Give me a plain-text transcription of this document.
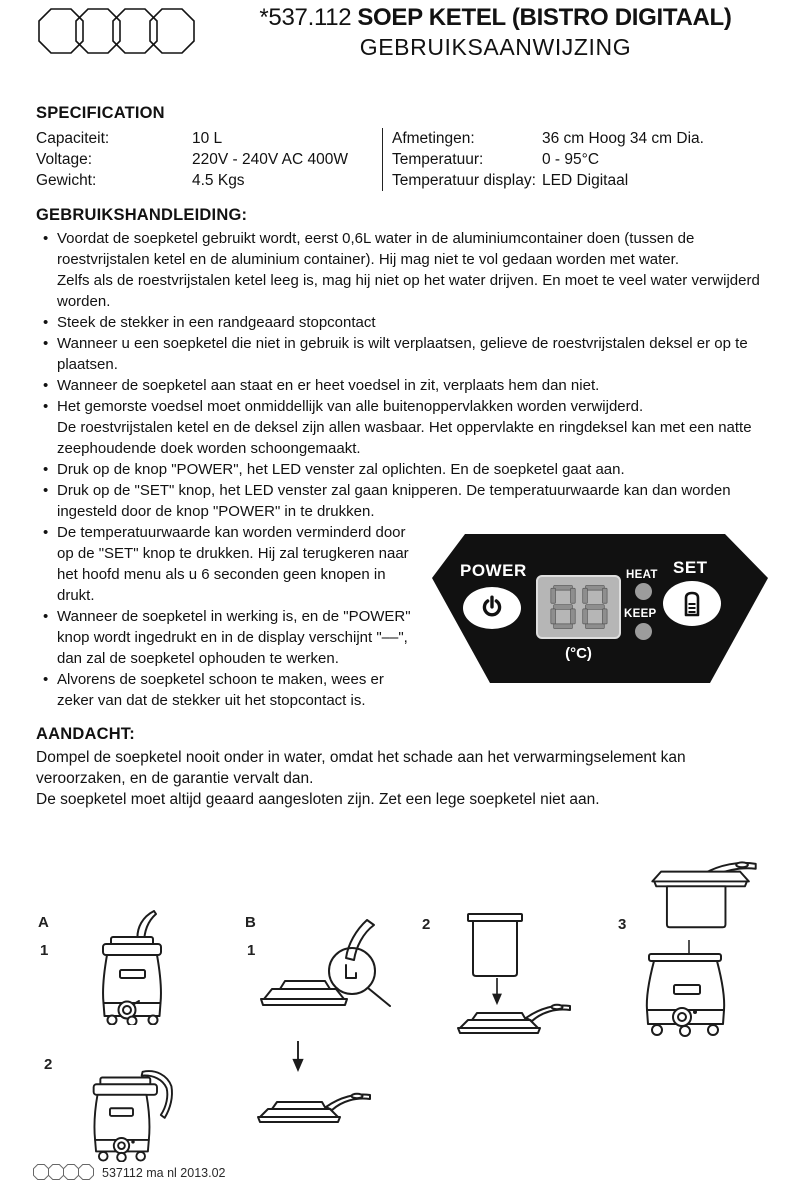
*537.112 SOEP KETEL (BISTRO DIGITAAL)
GEBRUIKSAANWIJZING
SPECIFICATION
Capaciteit:	10 L
Voltage:	220V - 240V AC 400W
Gewicht:	4.5 Kgs
Afmetingen:	36 cm Hoog 34 cm Dia.
Temperatuur:	0 - 95°C
Temperatuur display: LED Digitaal
GEBRUIKSHANDLEIDING:
• Voordat de soepketel gebruikt wordt, eerst 0,6L water in de aluminiumcontainer doen (tussen de roestvrijstalen ketel en de aluminium container). Hij mag niet te vol gedaan worden met water.
Zelfs als de roestvrijstalen ketel leeg is, mag hij niet op het water drijven. En moet te veel water verwijderd worden.
• Steek de stekker in een randgeaard stopcontact
• Wanneer u een soepketel die niet in gebruik is wilt verplaatsen, gelieve de roestvrijstalen deksel er op te plaatsen.
• Wanneer de soepketel aan staat en er heet voedsel in zit, verplaats hem dan niet.
• Het gemorste voedsel moet onmiddellijk van alle buitenoppervlakken worden verwijderd.
De roestvrijstalen ketel en de deksel zijn allen wasbaar. Het oppervlakte en ringdeksel kan met een natte zeephoudende doek worden schoongemaakt.
• Druk op de knop "POWER", het LED venster zal oplichten. En de soepketel gaat aan.
• Druk op de "SET" knop, het LED venster zal gaan knipperen. De temperatuurwaarde kan dan worden ingesteld door de knop "POWER" in te drukken.
POWER
(°C)
HEAT
KEEP
SET
• De temperatuurwaarde kan worden verminderd door op de "SET" knop te drukken. Hij zal terugkeren naar het hoofd menu als u 6 seconden geen knopen in drukt.
• Wanneer de soepketel in werking is, en de "POWER" knop wordt ingedrukt en in de display verschijnt "––", dan zal de soepketel ophouden te werken.
• Alvorens de soepketel schoon te maken, wees er zeker van dat de stekker uit het stopcontact is.
AANDACHT:

Dompel de soepketel nooit onder in water, omdat het schade aan het verwarmingselement kan veroorzaken, en de garantie vervalt dan.

De soepketel moet altijd geaard aangesloten zijn. Zet een lege soepketel niet aan.

A
1
B
1
2	3
2
537112 ma nl 2013.02
